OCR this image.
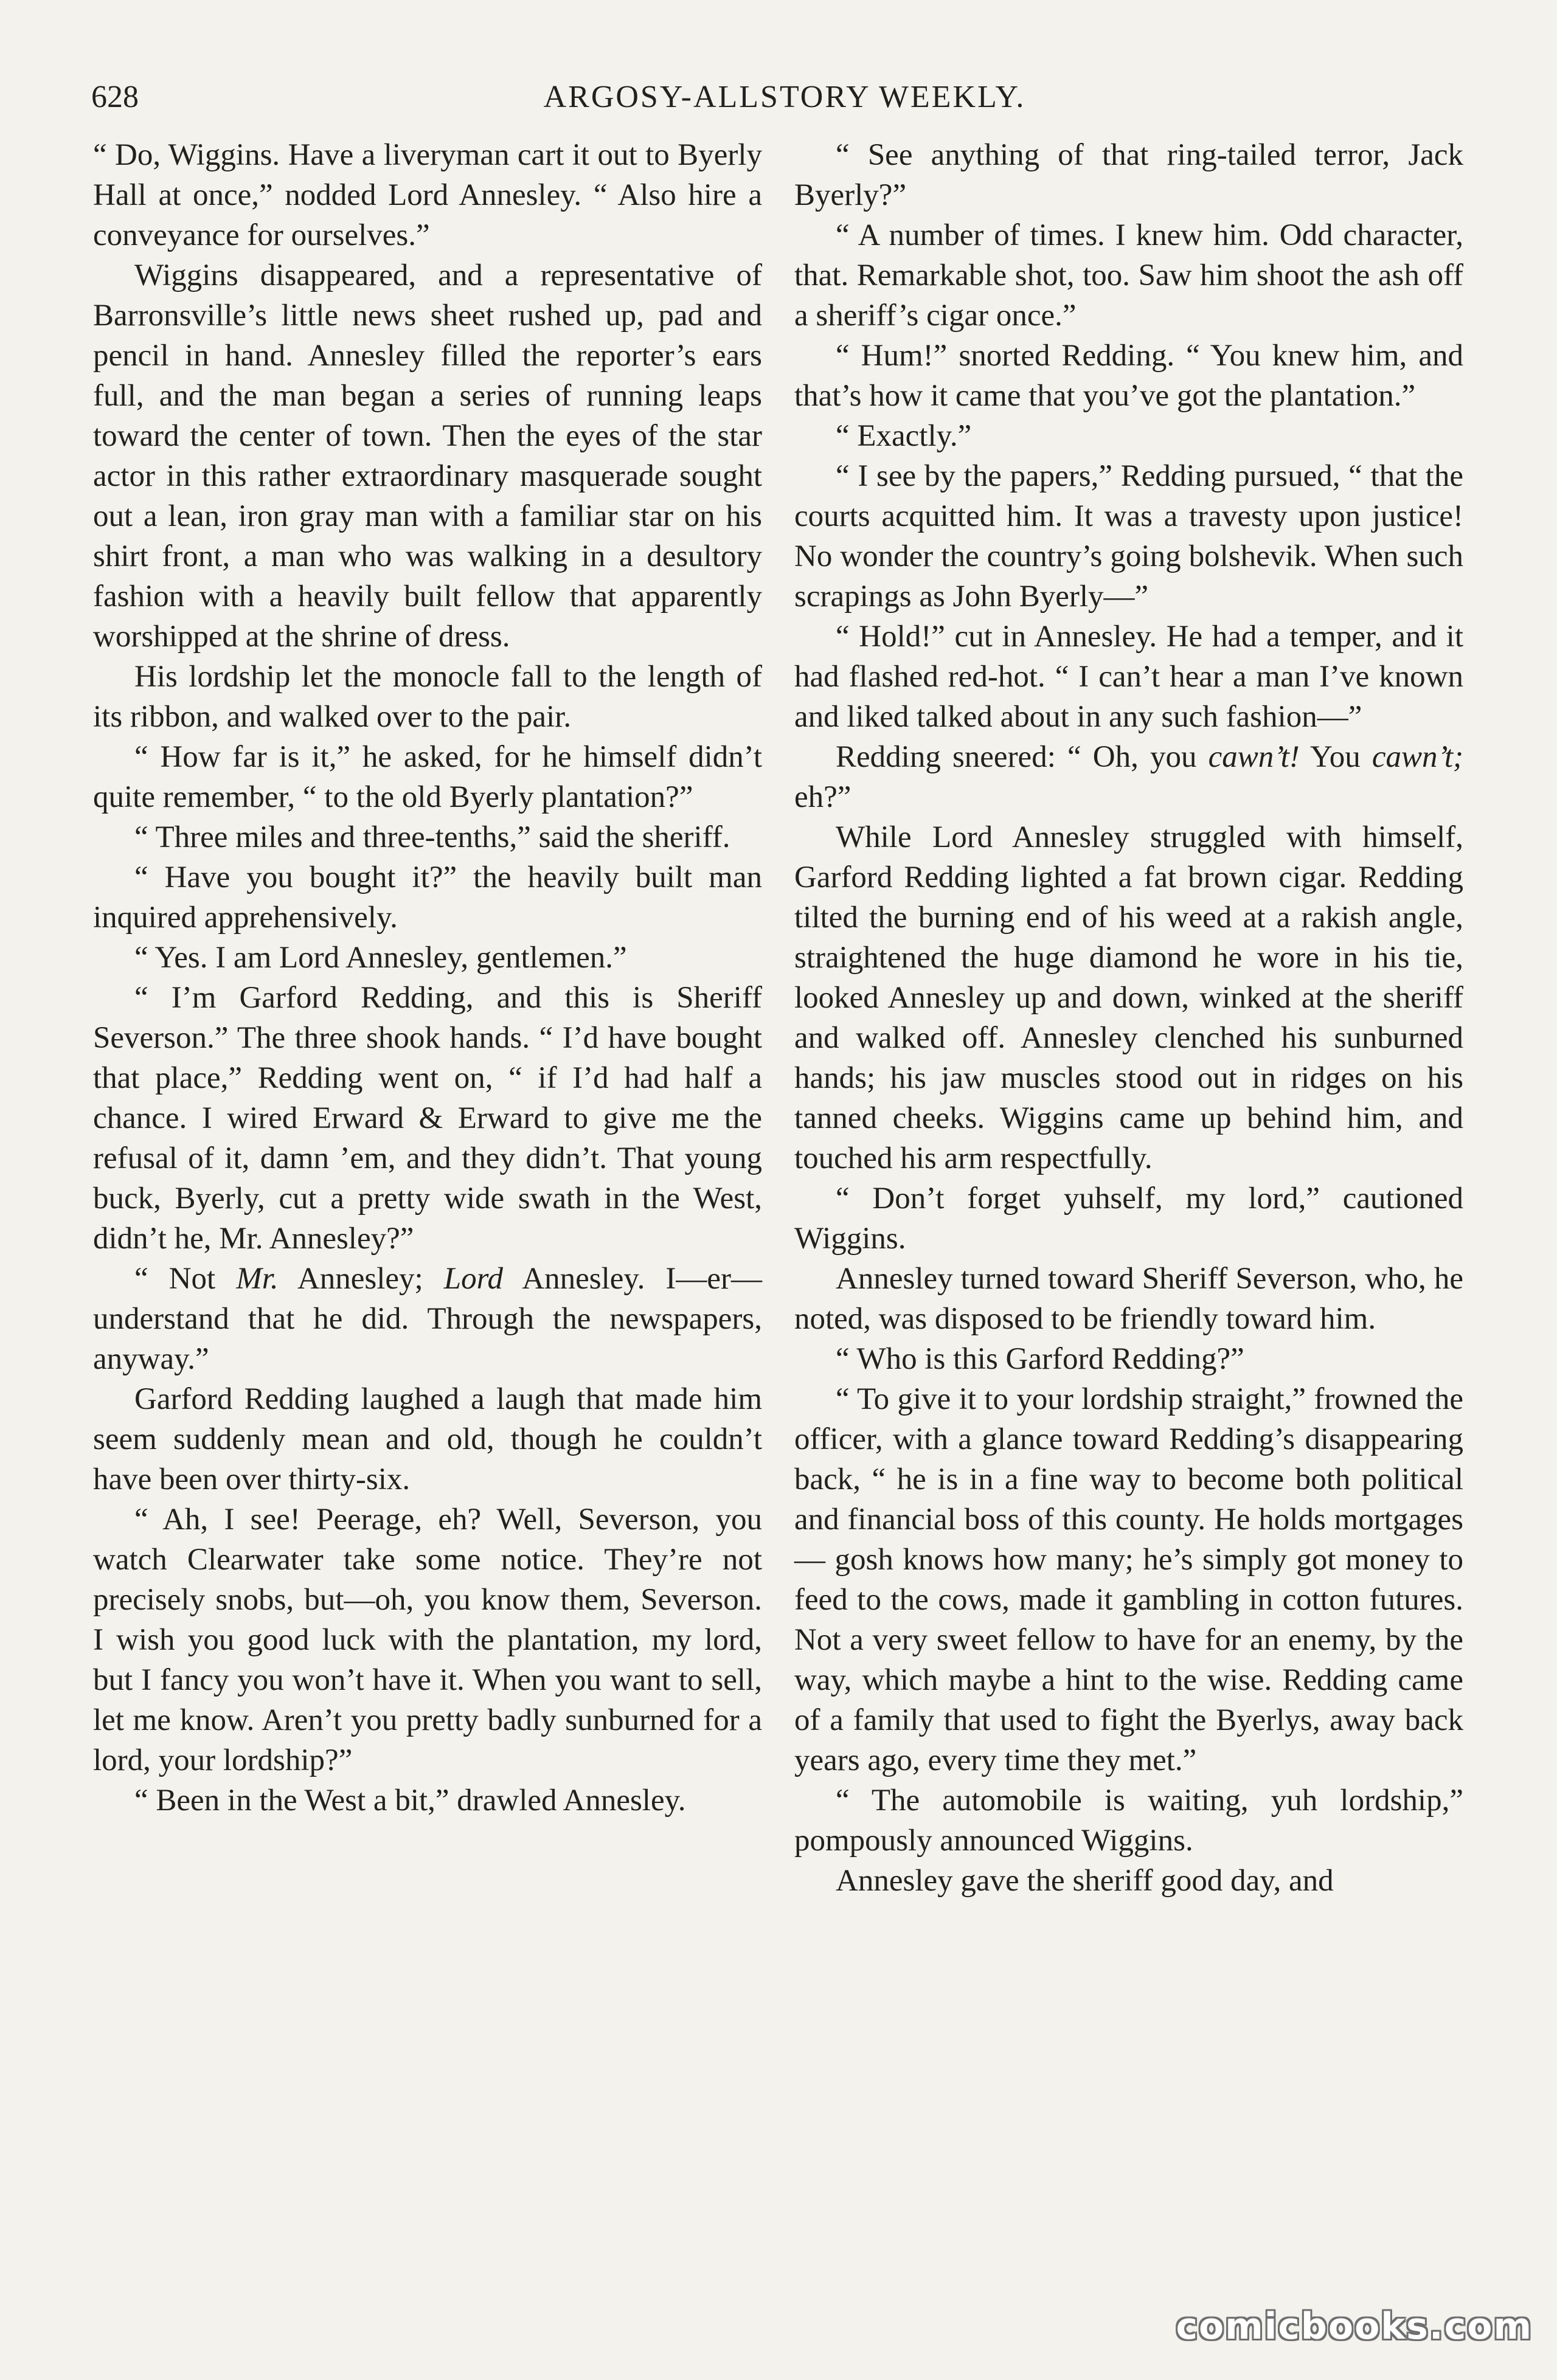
628	ARGOSY-ALLSTORY WEEKLY.

“ Do, Wiggins. Have a liveryman cart it out to Byerly Hall at once,” nodded Lord Annesley. “ Also hire a conveyance for ourselves.”

Wiggins disappeared, and a representative of Barronsville’s little news sheet rushed up, pad and pencil in hand. Annesley filled the reporter’s ears full, and the man began a series of running leaps toward the center of town. Then the eyes of the star actor in this rather extraordinary masquerade sought out a lean, iron gray man with a familiar star on his shirt front, a man who was walking in a desultory fashion with a heavily built fellow that apparently worshipped at the shrine of dress.

His lordship let the monocle fall to the length of its ribbon, and walked over to the pair.

“ How far is it,” he asked, for he himself didn’t quite remember, “ to the old Byerly plantation?”

“ Three miles and three-tenths,” said the sheriff.

“ Have you bought it?” the heavily built man inquired apprehensively.

“ Yes. I am Lord Annesley, gentlemen.”

“ I’m Garford Redding, and this is Sheriff Severson.” The three shook hands. “ I’d have bought that place,” Redding went on, “ if I’d had half a chance. I wired Erward & Erward to give me the refusal of it, damn ’em, and they didn’t. That young buck, Byerly, cut a pretty wide swath in the West, didn’t he, Mr. Annesley?”

“ Not Mr. Annesley; Lord Annesley. I—er—understand that he did. Through the newspapers, anyway.”

Garford Redding laughed a laugh that made him seem suddenly mean and old, though he couldn’t have been over thirty-six.

“ Ah, I see! Peerage, eh? Well, Severson, you watch Clearwater take some notice. They’re not precisely snobs, but—oh, you know them, Severson. I wish you good luck with the plantation, my lord, but I fancy you won’t have it. When you want to sell, let me know. Aren’t you pretty badly sunburned for a lord, your lordship?”

“ Been in the West a bit,” drawled Annesley.

“ See anything of that ring-tailed terror, Jack Byerly?”

“ A number of times. I knew him. Odd character, that. Remarkable shot, too. Saw him shoot the ash off a sheriff’s cigar once.”

“ Hum!” snorted Redding. “ You knew him, and that’s how it came that you’ve got the plantation.”

“ Exactly.”

“ I see by the papers,” Redding pursued, “ that the courts acquitted him. It was a travesty upon justice! No wonder the country’s going bolshevik. When such scrapings as John Byerly—”

“ Hold!” cut in Annesley. He had a temper, and it had flashed red-hot. “ I can’t hear a man I’ve known and liked talked about in any such fashion—”

Redding sneered: “ Oh, you cawn’t! You cawn’t; eh?”

While Lord Annesley struggled with himself, Garford Redding lighted a fat brown cigar. Redding tilted the burning end of his weed at a rakish angle, straightened the huge diamond he wore in his tie, looked Annesley up and down, winked at the sheriff and walked off. Annesley clenched his sunburned hands; his jaw muscles stood out in ridges on his tanned cheeks. Wiggins came up behind him, and touched his arm respectfully.

“ Don’t forget yuhself, my lord,” cautioned Wiggins.

Annesley turned toward Sheriff Severson, who, he noted, was disposed to be friendly toward him.

“ Who is this Garford Redding?”

“ To give it to your lordship straight,” frowned the officer, with a glance toward Redding’s disappearing back, “ he is in a fine way to become both political and financial boss of this county. He holds mortgages — gosh knows how many; he’s simply got money to feed to the cows, made it gambling in cotton futures. Not a very sweet fellow to have for an enemy, by the way, which maybe a hint to the wise. Redding came of a family that used to fight the Byerlys, away back years ago, every time they met.”

“ The automobile is waiting, yuh lordship,” pompously announced Wiggins.

Annesley gave the sheriff good day, and

comicbooks.com
